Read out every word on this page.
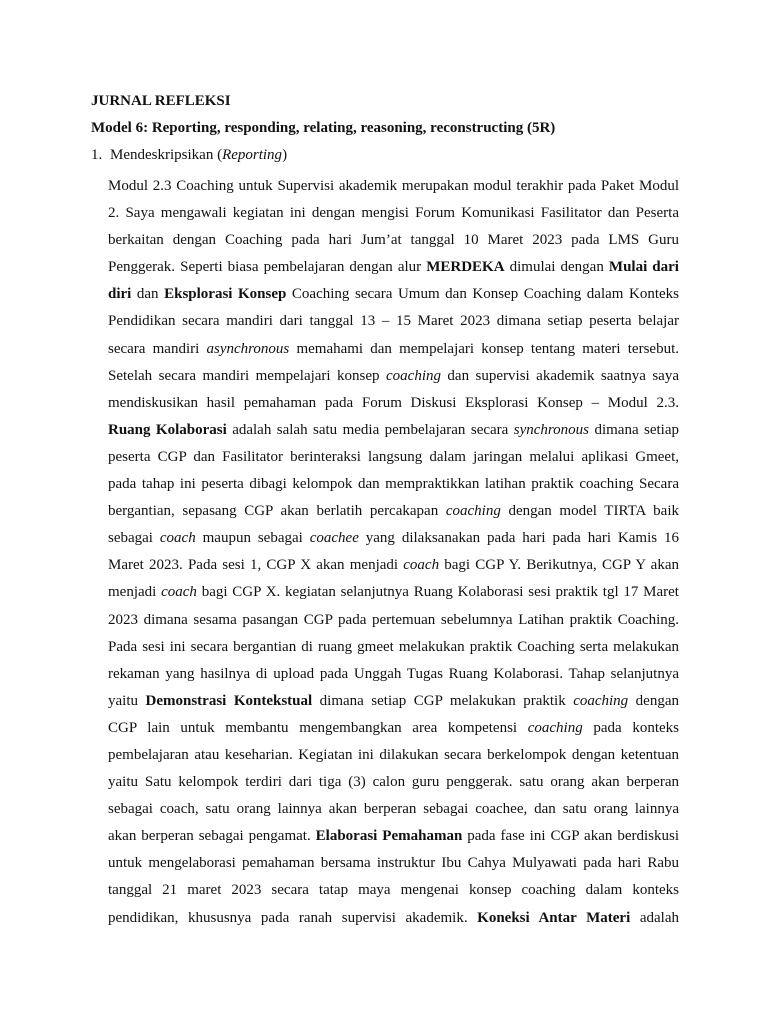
JURNAL REFLEKSI
Model 6: Reporting, responding, relating, reasoning, reconstructing (5R)
1. Mendeskripsikan (Reporting)
Modul 2.3 Coaching untuk Supervisi akademik merupakan modul terakhir pada Paket Modul
2. Saya mengawali kegiatan ini dengan mengisi Forum Komunikasi Fasilitator dan Peserta
berkaitan dengan Coaching pada hari Jum’at tanggal 10 Maret 2023 pada LMS Guru
Penggerak. Seperti biasa pembelajaran dengan alur MERDEKA dimulai dengan Mulai dari
diri dan Eksplorasi Konsep Coaching secara Umum dan Konsep Coaching dalam Konteks
Pendidikan secara mandiri dari tanggal 13 – 15 Maret 2023 dimana setiap peserta belajar
secara mandiri asynchronous memahami dan mempelajari konsep tentang materi tersebut.
Setelah secara mandiri mempelajari konsep coaching dan supervisi akademik saatnya saya
mendiskusikan hasil pemahaman pada Forum Diskusi Eksplorasi Konsep – Modul 2.3.
Ruang Kolaborasi adalah salah satu media pembelajaran secara synchronous dimana setiap
peserta CGP dan Fasilitator berinteraksi langsung dalam jaringan melalui aplikasi Gmeet,
pada tahap ini peserta dibagi kelompok dan mempraktikkan latihan praktik coaching Secara
bergantian, sepasang CGP akan berlatih percakapan coaching dengan model TIRTA baik
sebagai coach maupun sebagai coachee yang dilaksanakan pada hari pada hari Kamis 16
Maret 2023. Pada sesi 1, CGP X akan menjadi coach bagi CGP Y. Berikutnya, CGP Y akan
menjadi coach bagi CGP X. kegiatan selanjutnya Ruang Kolaborasi sesi praktik tgl 17 Maret
2023 dimana sesama pasangan CGP pada pertemuan sebelumnya Latihan praktik Coaching.
Pada sesi ini secara bergantian di ruang gmeet melakukan praktik Coaching serta melakukan
rekaman yang hasilnya di upload pada Unggah Tugas Ruang Kolaborasi. Tahap selanjutnya
yaitu Demonstrasi Kontekstual dimana setiap CGP melakukan praktik coaching dengan
CGP lain untuk membantu mengembangkan area kompetensi coaching pada konteks
pembelajaran atau keseharian. Kegiatan ini dilakukan secara berkelompok dengan ketentuan
yaitu Satu kelompok terdiri dari tiga (3) calon guru penggerak. satu orang akan berperan
sebagai coach, satu orang lainnya akan berperan sebagai coachee, dan satu orang lainnya
akan berperan sebagai pengamat. Elaborasi Pemahaman pada fase ini CGP akan berdiskusi
untuk mengelaborasi pemahaman bersama instruktur Ibu Cahya Mulyawati pada hari Rabu
tanggal 21 maret 2023 secara tatap maya mengenai konsep coaching dalam konteks
pendidikan, khususnya pada ranah supervisi akademik. Koneksi Antar Materi adalah
